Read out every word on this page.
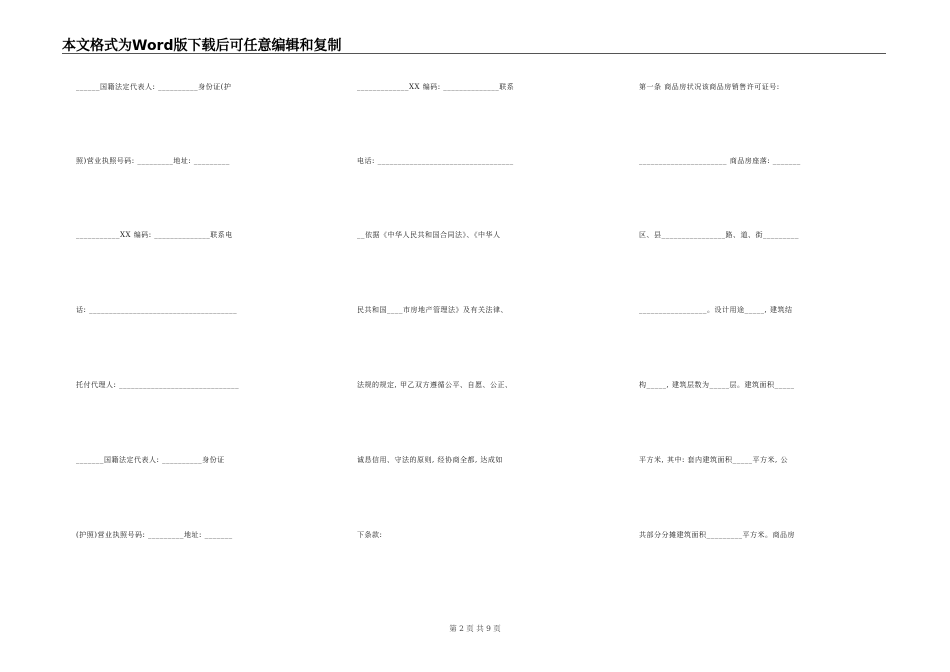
本文格式为Word版下载后可任意编辑和复制
______国籍法定代表人: __________身份证(护
照)营业执照号码: _________地址: _________
___________XX 编码: ______________联系电
话: _____________________________________
托付代理人: ______________________________
_______国籍法定代表人: __________身份证
(护照)营业执照号码: _________地址: _______
_____________XX 编码: ______________联系
电话: __________________________________
__依据《中华人民共和国合同法》、《中华人
民共和国____市房地产管理法》及有关法律、
法规的规定, 甲乙双方遵循公平、自愿、公正、
诚恳信用、守法的原则, 经协商全都, 达成如
下条款:
第一条 商品房状况该商品房销售许可证号:
______________________ 商品房座落: _______
区、县________________路、道、街_________
_________________。设计用途_____, 建筑结
构_____, 建筑层数为_____层。建筑面积_____
平方米, 其中: 套内建筑面积_____平方米, 公
共部分分摊建筑面积_________平方米。商品房
第 2 页 共 9 页
